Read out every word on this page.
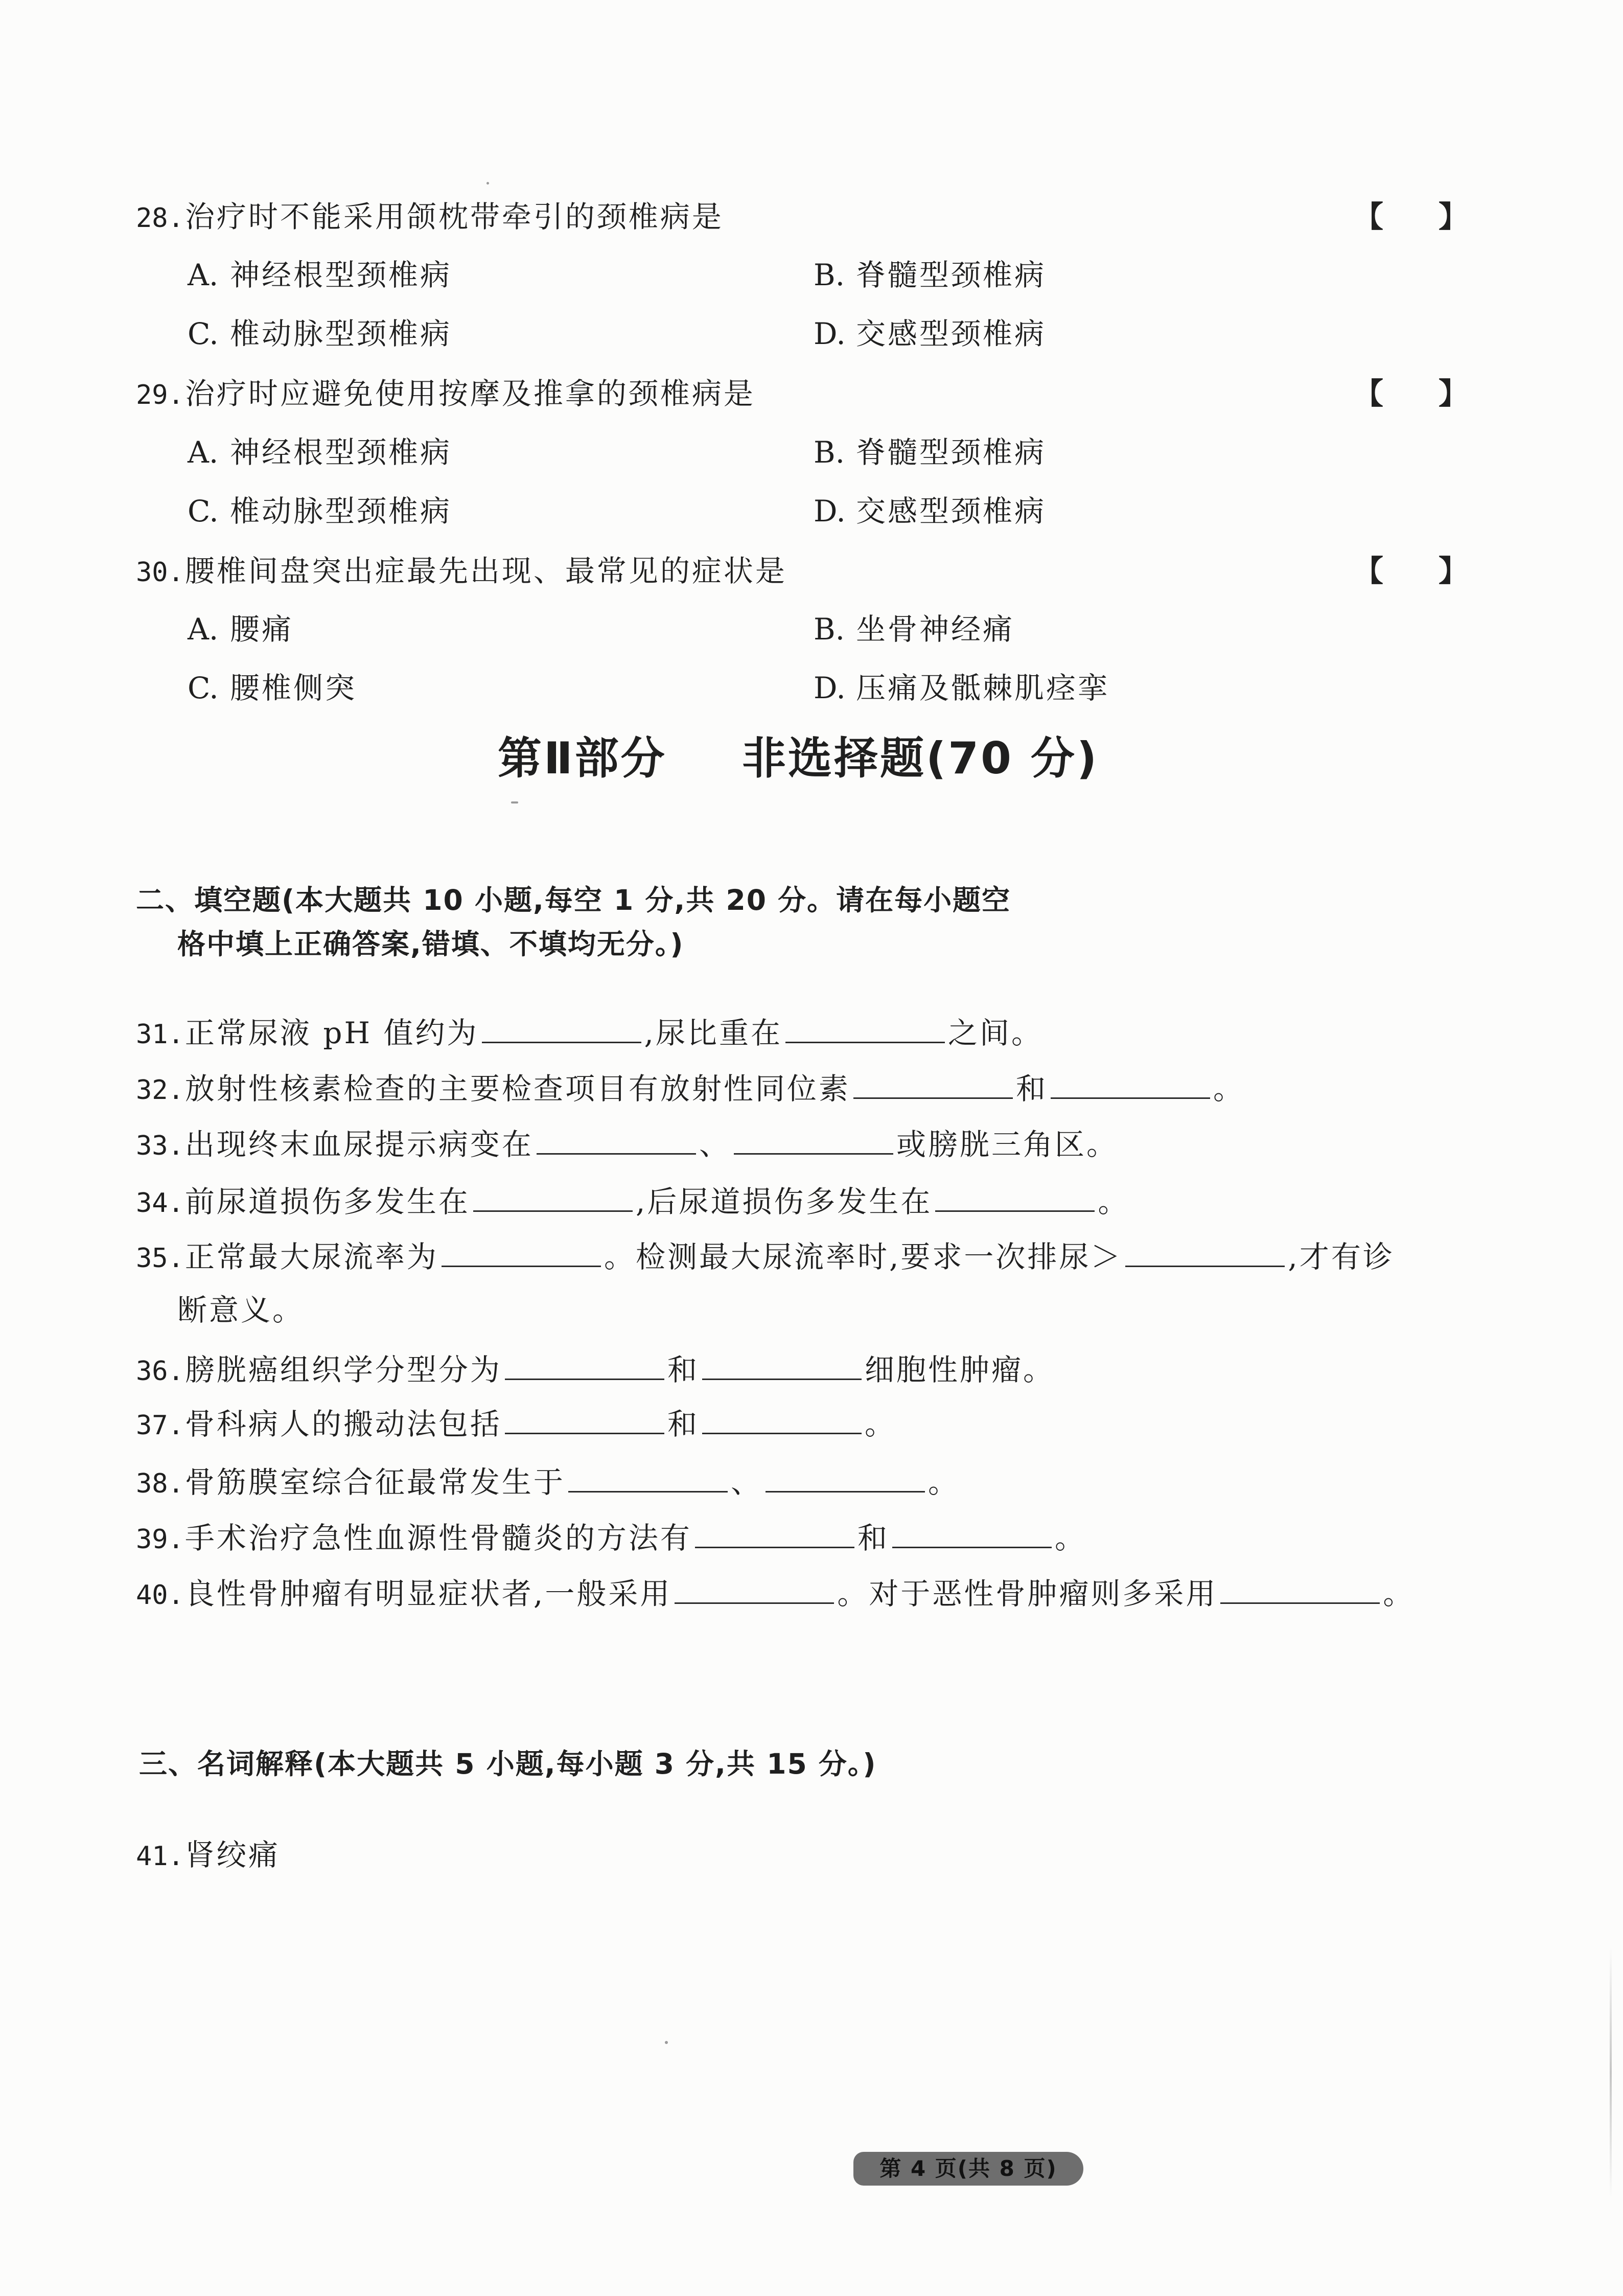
28.治疗时不能采用颌枕带牵引的颈椎病是	【 】
A. 神经根型颈椎病	B. 脊髓型颈椎病
C. 椎动脉型颈椎病	D. 交感型颈椎病
29.治疗时应避免使用按摩及推拿的颈椎病是	【 】
A. 神经根型颈椎病	B. 脊髓型颈椎病
C. 椎动脉型颈椎病	D. 交感型颈椎病
30.腰椎间盘突出症最先出现、最常见的症状是	【 】
A. 腰痛	B. 坐骨神经痛
C. 腰椎侧突	D. 压痛及骶棘肌痉挛
第Ⅱ部分 非选择题(70 分)
二、填空题(本大题共 10 小题,每空 1 分,共 20 分。请在每小题空
格中填上正确答案,错填、不填均无分。)
31.正常尿液 pH 值约为	,尿比重在	之间。
32.放射性核素检查的主要检查项目有放射性同位素	和	。
33.出现终末血尿提示病变在	、	或膀胱三角区。
34.前尿道损伤多发生在	,后尿道损伤多发生在	。
35.正常最大尿流率为	。检测最大尿流率时,要求一次排尿＞	,才有诊
断意义。
36.膀胱癌组织学分型分为	和	细胞性肿瘤。
37.骨科病人的搬动法包括	和	。
38.骨筋膜室综合征最常发生于	、	。
39.手术治疗急性血源性骨髓炎的方法有	和	。
40.良性骨肿瘤有明显症状者,一般采用	。对于恶性骨肿瘤则多采用	。
三、名词解释(本大题共 5 小题,每小题 3 分,共 15 分。)
41.肾绞痛
第 4 页(共 8 页)
